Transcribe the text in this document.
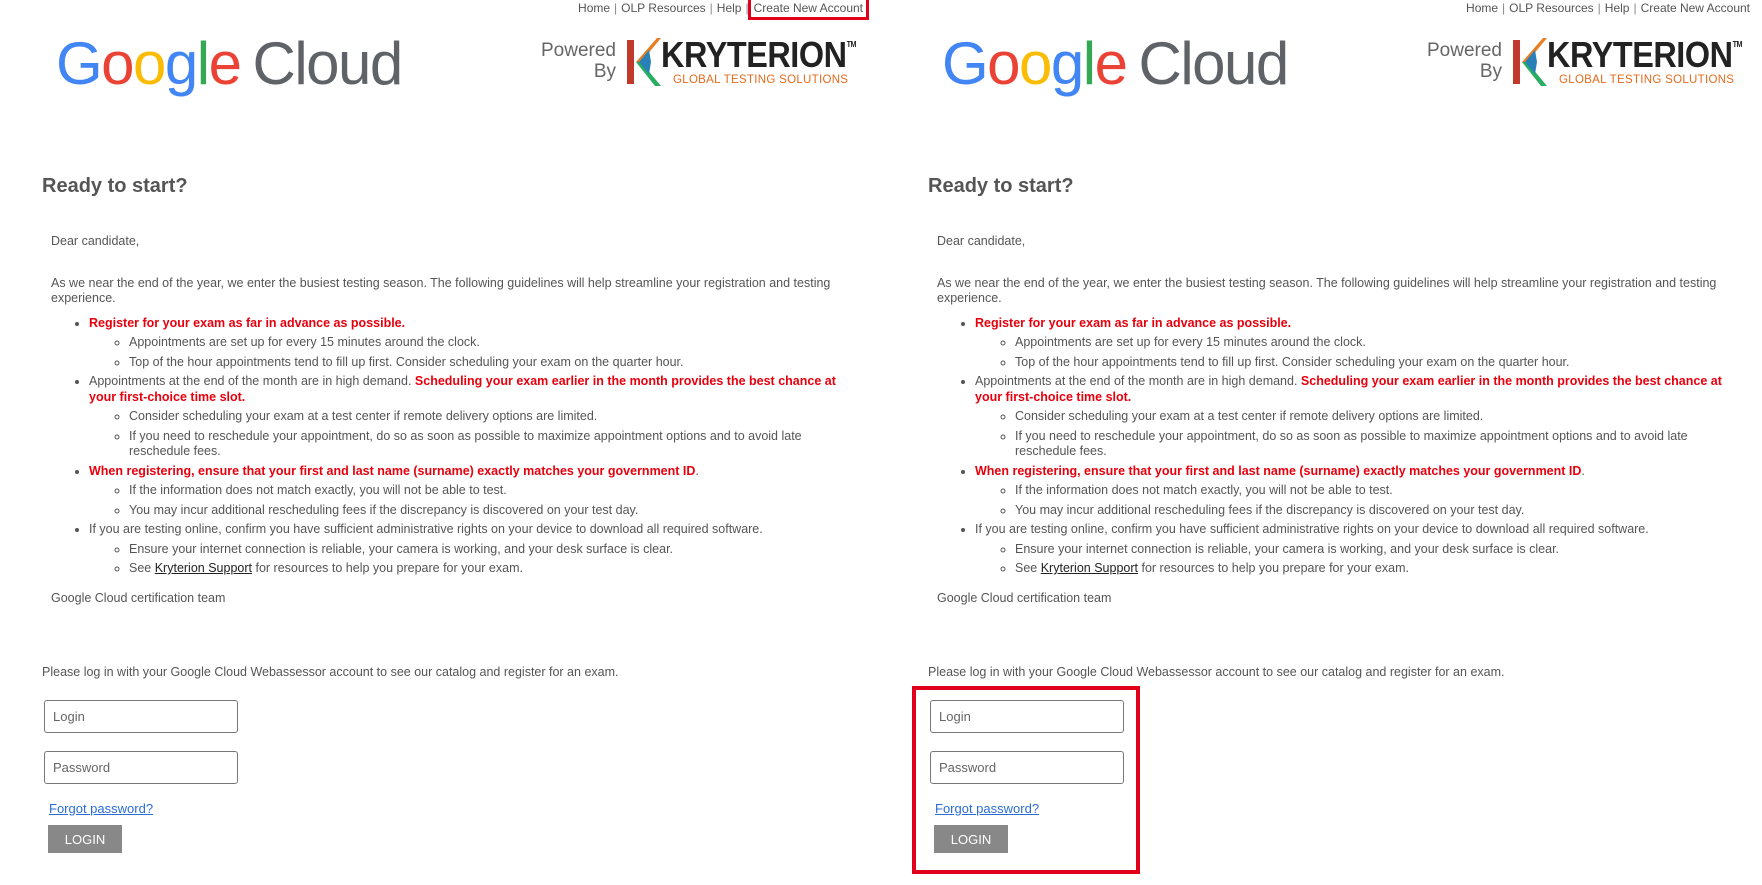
Home | OLP Resources | Help | Create New Account
Google Cloud	Powered
By KRYTERION™
GLOBAL TESTING SOLUTIONS
Ready to start?

Dear candidate,

As we near the end of the year, we enter the busiest testing season. The following guidelines will help streamline your registration and testing experience.

• Register for your exam as far in advance as possible.
◦ Appointments are set up for every 15 minutes around the clock.
◦ Top of the hour appointments tend to fill up first. Consider scheduling your exam on the quarter hour.
• Appointments at the end of the month are in high demand. Scheduling your exam earlier in the month provides the best chance at your first-choice time slot.
◦ Consider scheduling your exam at a test center if remote delivery options are limited.
◦ If you need to reschedule your appointment, do so as soon as possible to maximize appointment options and to avoid late reschedule fees.
• When registering, ensure that your first and last name (surname) exactly matches your government ID.
◦ If the information does not match exactly, you will not be able to test.
◦ You may incur additional rescheduling fees if the discrepancy is discovered on your test day.
• If you are testing online, confirm you have sufficient administrative rights on your device to download all required software.
◦ Ensure your internet connection is reliable, your camera is working, and your desk surface is clear.
◦ See Kryterion Support for resources to help you prepare for your exam.

Google Cloud certification team

Please log in with your Google Cloud Webassessor account to see our catalog and register for an exam.
Login
Forgot password?
LOGIN
Home | OLP Resources | Help | Create New Account
Google Cloud	Powered
By KRYTERION™
GLOBAL TESTING SOLUTIONS
Ready to start?

Dear candidate,

As we near the end of the year, we enter the busiest testing season. The following guidelines will help streamline your registration and testing experience.

• Register for your exam as far in advance as possible.
◦ Appointments are set up for every 15 minutes around the clock.
◦ Top of the hour appointments tend to fill up first. Consider scheduling your exam on the quarter hour.
• Appointments at the end of the month are in high demand. Scheduling your exam earlier in the month provides the best chance at your first-choice time slot.
◦ Consider scheduling your exam at a test center if remote delivery options are limited.
◦ If you need to reschedule your appointment, do so as soon as possible to maximize appointment options and to avoid late reschedule fees.
• When registering, ensure that your first and last name (surname) exactly matches your government ID.
◦ If the information does not match exactly, you will not be able to test.
◦ You may incur additional rescheduling fees if the discrepancy is discovered on your test day.
• If you are testing online, confirm you have sufficient administrative rights on your device to download all required software.
◦ Ensure your internet connection is reliable, your camera is working, and your desk surface is clear.
◦ See Kryterion Support for resources to help you prepare for your exam.

Google Cloud certification team

Please log in with your Google Cloud Webassessor account to see our catalog and register for an exam.
Login
Forgot password?
LOGIN
